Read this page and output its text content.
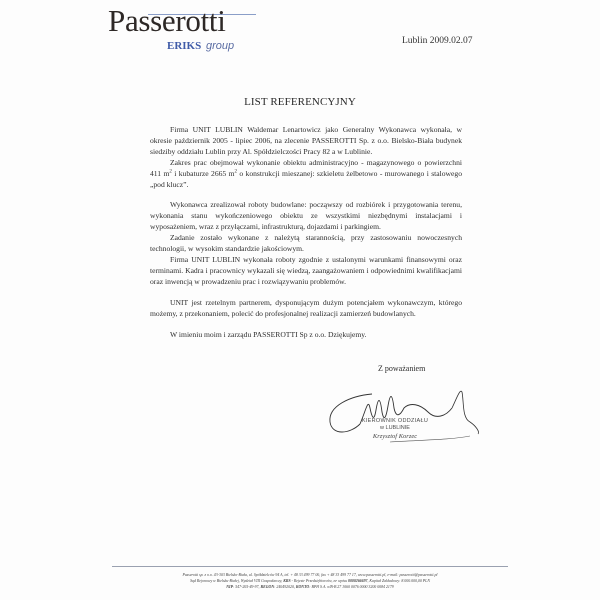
Passerotti
ERIKS group	Lublin 2009.02.07
LIST REFERENCYJNY

Firma UNIT LUBLIN Waldemar Lenartowicz jako Generalny Wykonawca wykonała, w okresie październik 2005 - lipiec 2006, na zlecenie PASSEROTTI Sp. z o.o. Bielsko-Biała budynek siedziby oddziału Lublin przy Al. Spółdzielczości Pracy 82 a w Lublinie.

Zakres prac obejmował wykonanie obiektu administracyjno - magazynowego o powierzchni 411 $m^2$ i kubaturze 2665 $m^2$ o konstrukcji mieszanej: szkieletu żelbetowo - murowanego i stalowego „pod klucz”.

Wykonawca zrealizował roboty budowlane: począwszy od rozbiórek i przygotowania terenu, wykonania stanu wykończeniowego obiektu ze wszystkimi niezbędnymi instalacjami i wyposażeniem, wraz z przyłączami, infrastrukturą, dojazdami i parkingiem.

Zadanie zostało wykonane z należytą starannością, przy zastosowaniu nowoczesnych technologii, w wysokim standardzie jakościowym.

Firma UNIT LUBLIN wykonała roboty zgodnie z ustalonymi warunkami finansowymi oraz terminami. Kadra i pracownicy wykazali się wiedzą, zaangażowaniem i odpowiednimi kwalifikacjami oraz inwencją w prowadzeniu prac i rozwiązywaniu problemów.

UNIT jest rzetelnym partnerem, dysponującym dużym potencjałem wykonawczym, którego możemy, z przekonaniem, polecić do profesjonalnej realizacji zamierzeń budowlanych.

W imieniu moim i zarządu PASSEROTTI Sp z o.o. Dziękujemy.

Z poważaniem
KIEROWNIK ODDZIAŁU
w LUBLINIE
Krzysztof Korzec
Passerotti sp. z o.o. 43-303 Bielsko-Biała, ul. Spółdzielców 94 A, tel. + 48 33 499 77 00, fax + 48 33 499 77 17, www.passerotti.pl, e-mail: passerotti@passerotti.pl
Sąd Rejonowy w Bielsku-Białej, Wydział VIII Gospodarczy, KRS - Rejestr Przedsiębiorców, nr wpisu 0000266697, Kapitał Zakładowy: 8.000.000,00 PLN
NIP: 547-205-49-97, REGON: 240492020, KONTO: BPH S.A. o/B-B 27 1060 0076 0000 3200 0084 2179
